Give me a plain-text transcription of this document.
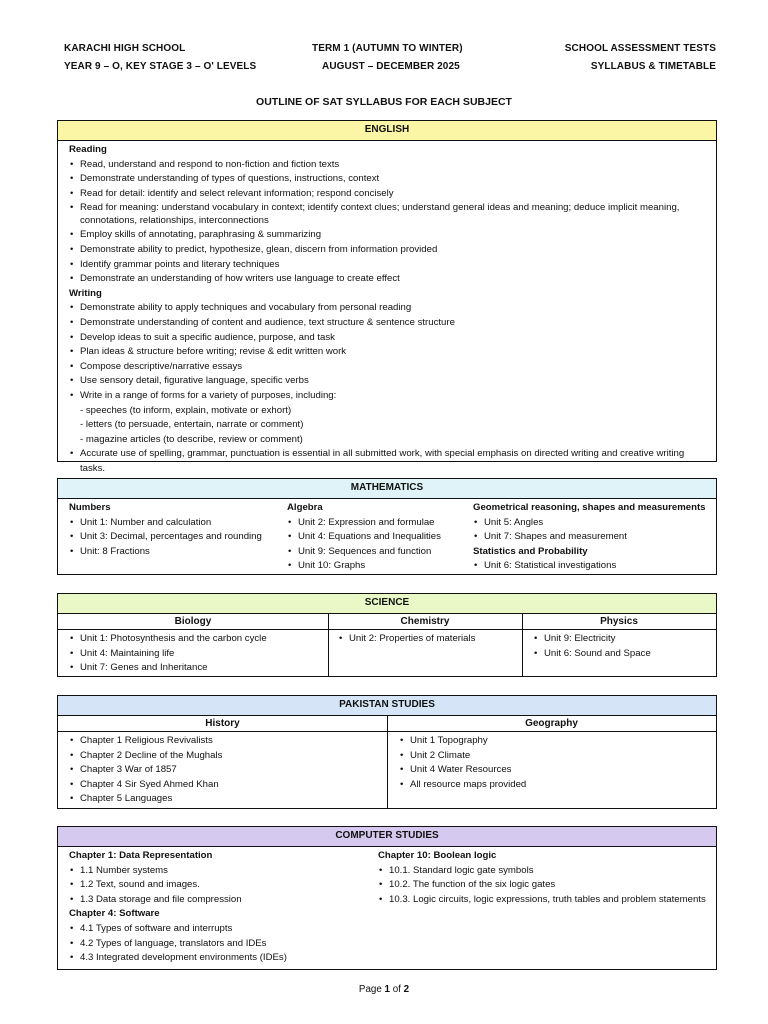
KARACHI HIGH SCHOOL	TERM 1 (AUTUMN TO WINTER)	SCHOOL ASSESSMENT TESTS
YEAR 9 – O, KEY STAGE 3 – O' LEVELS	AUGUST – DECEMBER 2025	SYLLABUS & TIMETABLE
OUTLINE OF SAT SYLLABUS FOR EACH SUBJECT
ENGLISH
Reading
• Read, understand and respond to non-fiction and fiction texts
• Demonstrate understanding of types of questions, instructions, context
• Read for detail: identify and select relevant information; respond concisely
• Read for meaning: understand vocabulary in context; identify context clues; understand general ideas and meaning; deduce implicit meaning, connotations, relationships, interconnections
• Employ skills of annotating, paraphrasing & summarizing
• Demonstrate ability to predict, hypothesize, glean, discern from information provided
• Identify grammar points and literary techniques
• Demonstrate an understanding of how writers use language to create effect
Writing
• Demonstrate ability to apply techniques and vocabulary from personal reading
• Demonstrate understanding of content and audience, text structure & sentence structure
• Develop ideas to suit a specific audience, purpose, and task
• Plan ideas & structure before writing; revise & edit written work
• Compose descriptive/narrative essays
• Use sensory detail, figurative language, specific verbs
• Write in a range of forms for a variety of purposes, including:
- speeches (to inform, explain, motivate or exhort)
- letters (to persuade, entertain, narrate or comment)
- magazine articles (to describe, review or comment)
• Accurate use of spelling, grammar, punctuation is essential in all submitted work, with special emphasis on directed writing and creative writing tasks.
MATHEMATICS
Numbers
• Unit 1: Number and calculation
• Unit 3: Decimal, percentages and rounding
• Unit: 8 Fractions
Algebra
• Unit 2: Expression and formulae
• Unit 4: Equations and Inequalities
• Unit 9: Sequences and function
• Unit 10: Graphs
Geometrical reasoning, shapes and measurements
• Unit 5: Angles
• Unit 7: Shapes and measurement
Statistics and Probability
• Unit 6: Statistical investigations
SCIENCE
Biology	Chemistry	Physics
• Unit 1: Photosynthesis and the carbon cycle
• Unit 4: Maintaining life
• Unit 7: Genes and Inheritance
• Unit 2: Properties of materials
•	Unit 9: Electricity
• Unit 6: Sound and Space
PAKISTAN STUDIES
History	Geography
• Chapter 1 Religious Revivalists
• Chapter 2 Decline of the Mughals
• Chapter 3 War of 1857
• Chapter 4 Sir Syed Ahmed Khan
• Chapter 5 Languages
• Unit 1 Topography
• Unit 2 Climate
• Unit 4 Water Resources
• All resource maps provided
COMPUTER STUDIES
Chapter 1: Data Representation
• 1.1 Number systems
• 1.2 Text, sound and images.
• 1.3 Data storage and file compression
Chapter 4: Software
• 4.1 Types of software and interrupts
• 4.2 Types of language, translators and IDEs
• 4.3 Integrated development environments (IDEs)
Chapter 10: Boolean logic
• 10.1. Standard logic gate symbols
• 10.2. The function of the six logic gates
• 10.3. Logic circuits, logic expressions, truth tables and problem statements
Page 1 of 2
